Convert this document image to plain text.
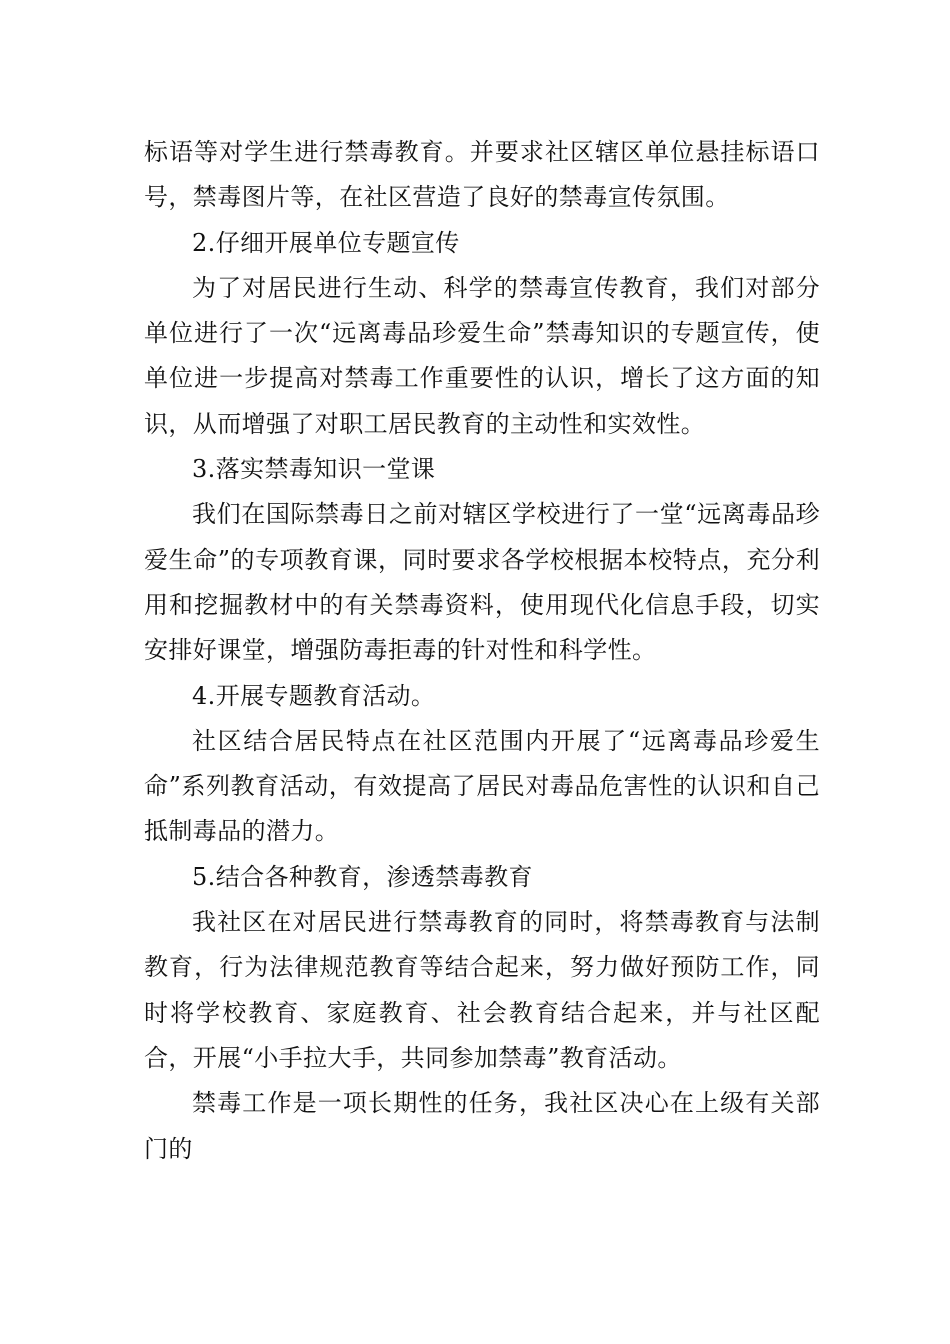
标语等对学生进行禁毒教育。并要求社区辖区单位悬挂标语口号，禁毒图片等，在社区营造了良好的禁毒宣传氛围。

2.仔细开展单位专题宣传

为了对居民进行生动、科学的禁毒宣传教育，我们对部分单位进行了一次“远离毒品珍爱生命”禁毒知识的专题宣传，使单位进一步提高对禁毒工作重要性的认识，增长了这方面的知识，从而增强了对职工居民教育的主动性和实效性。

3.落实禁毒知识一堂课

我们在国际禁毒日之前对辖区学校进行了一堂“远离毒品珍爱生命”的专项教育课，同时要求各学校根据本校特点，充分利用和挖掘教材中的有关禁毒资料，使用现代化信息手段，切实安排好课堂，增强防毒拒毒的针对性和科学性。

4.开展专题教育活动。

社区结合居民特点在社区范围内开展了“远离毒品珍爱生命”系列教育活动，有效提高了居民对毒品危害性的认识和自己抵制毒品的潜力。

5.结合各种教育，渗透禁毒教育

我社区在对居民进行禁毒教育的同时，将禁毒教育与法制教育，行为法律规范教育等结合起来，努力做好预防工作，同时将学校教育、家庭教育、社会教育结合起来，并与社区配合，开展“小手拉大手，共同参加禁毒”教育活动。

禁毒工作是一项长期性的任务，我社区决心在上级有关部门的
